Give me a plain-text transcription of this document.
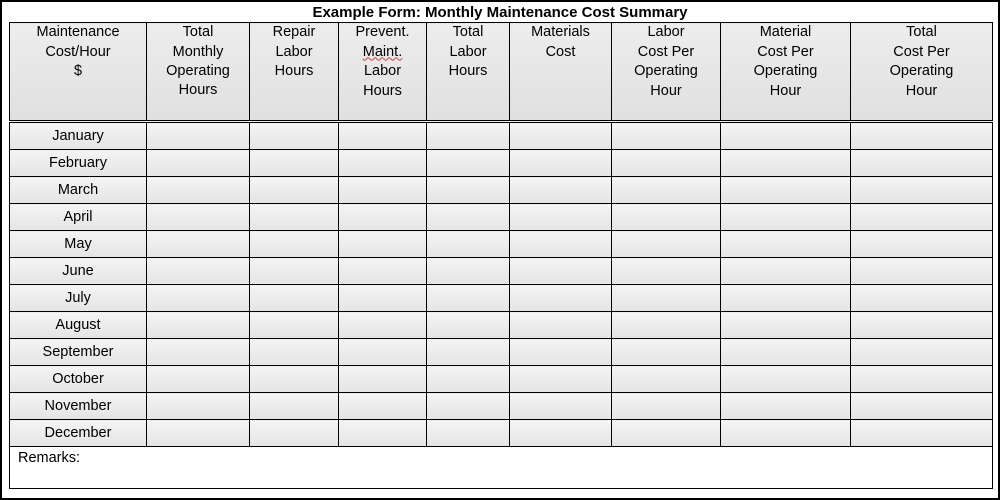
Example Form: Monthly Maintenance Cost Summary
Maintenance
Cost/Hour
$	Total
Monthly
Operating
Hours	Repair
Labor
Hours	Prevent.
Maint.
Labor
Hours	Total
Labor
Hours	Materials
Cost	Labor
Cost Per
Operating
Hour	Material
Cost Per
Operating
Hour	Total
Cost Per
Operating
Hour

January								
February								
March								
April								
May								
June								
July								
August								
September								
October								
November								
December								
Remarks:								
